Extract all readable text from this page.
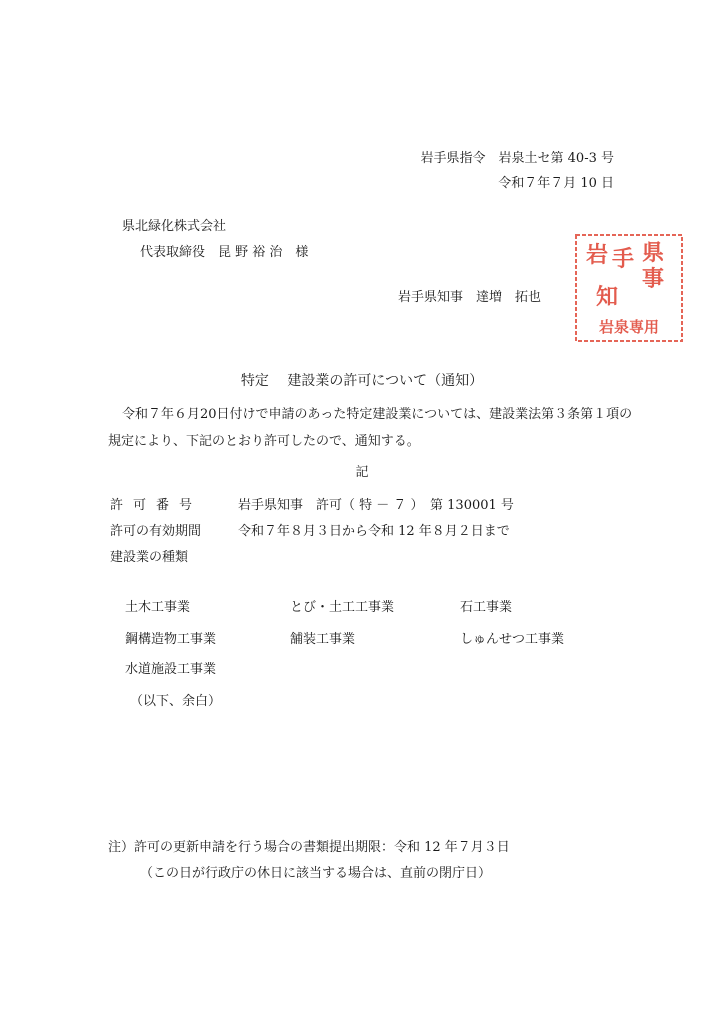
岩手県指令　岩泉土セ第 40-3 号
令和７年７月 10 日
県北緑化株式会社
代表取締役　昆 野 裕 治　様
岩手県知事　達増　拓也
県
事
手
岩
知
岩泉専用
特定　 建設業の許可について（通知）
令和７年６月20日付けで申請のあった特定建設業については、建設業法第３条第１項の
規定により、下記のとおり許可したので、通知する。
記
許可番号	岩手県知事　許可（ 特 － ７ ）　第 130001 号
許可の有効期間	令和７年８月３日から令和 12 年８月２日まで
建設業の種類
土木工事業	とび・土工工事業	石工事業
鋼構造物工事業	舗装工事業	しゅんせつ工事業
水道施設工事業
（以下、余白）
注）許可の更新申請を行う場合の書類提出期限：令和 12 年７月３日
（この日が行政庁の休日に該当する場合は、直前の閉庁日）
